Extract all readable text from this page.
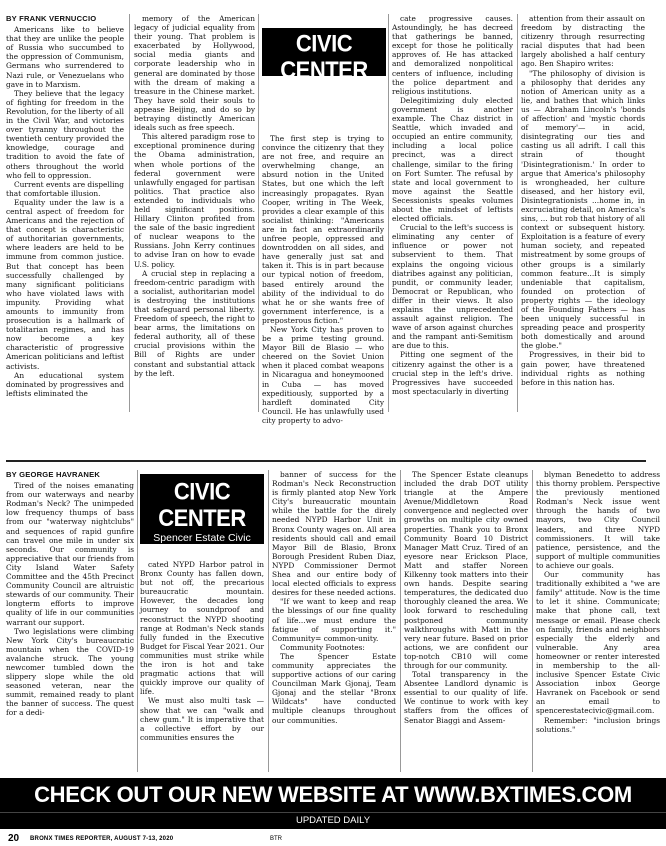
BY FRANK VERNUCCIO

Americans like to believe that they are unlike the people of Russia who succumbed to the oppression of Communism, Germans who surrendered to Nazi rule, or Venezuelans who gave in to Marxism.

They believe that the legacy of fighting for freedom in the Revolution, for the liberty of all in the Civil War, and victories over tyranny throughout the twentieth century provided the knowledge, courage and tradition to avoid the fate of others throughout the world who fell to oppression.

Current events are dispelling that comfortable illusion.

Equality under the law is a central aspect of freedom for Americans and the rejection of that concept is characteristic of authoritarian governments, where leaders are held to be immune from common justice. But that concept has been successfully challenged by many significant politicians who have violated laws with impunity. Providing what amounts to immunity from prosecution is a hallmark of totalitarian regimes, and has now become a key characteristic of progressive American politicians and leftist activists.

An educational system dominated by progressives and leftists eliminated the

memory of the American legacy of judicial equality from their young. That problem is exacerbated by Hollywood, social media giants and corporate leadership who in general are dominated by those with the dream of making a treasure in the Chinese market. They have sold their souls to appease Beijing, and do so by betraying distinctly American ideals such as free speech.

This altered paradigm rose to exceptional prominence during the Obama administration, when whole portions of the federal government were unlawfully engaged for partisan politics. That practice also extended to individuals who held significant positions. Hillary Clinton profited from the sale of the basic ingredient of nuclear weapons to the Russians. John Kerry continues to advise Iran on how to evade U.S. policy.

A crucial step in replacing a freedom-centric paradigm with a socialist, authoritarian model is destroying the institutions that safeguard personal liberty. Freedom of speech, the right to bear arms, the limitations on federal authority, all of these crucial provisions within the Bill of Rights are under constant and substantial attack by the left.

CIVIC CENTER
COMACTA

The first step is trying to convince the citizenry that they are not free, and require an overwhelming change, an absurd notion in the United States, but one which the left increasingly propagates. Ryan Cooper, writing in The Week, provides a clear example of this socialist thinking: "Americans are in fact an extraordinarily unfree people, oppressed and downtrodden on all sides, and have generally just sat and taken it. This is in part because our typical notion of freedom, based entirely around the ability of the individual to do what he or she wants free of government interference, is a preposterous fiction."

New York City has proven to be a prime testing ground. Mayor Bill de Blasio — who cheered on the Soviet Union when it placed combat weapons in Nicaragua and honeymooned in Cuba — has moved expeditiously, supported by a hardleft dominated City Council. He has unlawfully used city property to advo-

cate progressive causes. Astoundingly, he has decreed that gatherings be banned, except for those he politically approves of. He has attacked and demoralized nonpolitical centers of influence, including the police department and religious institutions.

Delegitimizing duly elected government is another example. The Chaz district in Seattle, which invaded and occupied an entire community, including a local police precinct, was a direct challenge, similar to the firing on Fort Sumter. The refusal by state and local government to move against the Seattle Secessionists speaks volumes about the mindset of leftists elected officials.

Crucial to the left's success is eliminating any center of influence or power not subservient to them. That explains the ongoing vicious diatribes against any politician, pundit, or community leader, Democrat or Republican, who differ in their views. It also explains the unprecedented assault against religion. The wave of arson against churches and the rampant anti-Semitism are due to this.

Pitting one segment of the citizenry against the other is a crucial step in the left's drive. Progressives have succeeded most spectacularly in diverting

attention from their assault on freedom by distracting the citizenry through resurrecting racial disputes that had been largely abolished a half century ago. Ben Shapiro writes:

"The philosophy of division is a philosophy that derides any notion of American unity as a lie, and bathes that which links us — Abraham Lincoln's 'bonds of affection' and 'mystic chords of memory'— in acid, disintegrating our ties and casting us all adrift. I call this strain of thought 'Disintegrationism.' In order to argue that America's philosophy is wrongheaded, her culture diseased, and her history evil, Disintegrationists ...home in, in excruciating detail, on America's sins, ... but rob that history of all context or subsequent history. Exploitation is a feature of every human society, and repeated mistreatment by some groups of other groups is a similarly common feature...It is simply undeniable that capitalism, founded on protection of property rights — the ideology of the Founding Fathers — has been uniquely successful in spreading peace and prosperity both domestically and around the globe."

Progressives, in their bid to gain power, have threatened individual rights as nothing before in this nation has.

BY GEORGE HAVRANEK

Tired of the noises emanating from our waterways and nearby Rodman's Neck? The unimpeded low frequency thumps of bass from our "waterway nightclubs" and sequences of rapid gunfire can travel one mile in under six seconds. Our community is appreciative that our friends from City Island Water Safety Committee and the 45th Precinct Community Council are altruistic stewards of our community. Their longterm efforts to improve quality of life in our communities warrant our support.

Two legislations were climbing New York City's bureaucratic mountain when the COVID-19 avalanche struck. The young newcomer tumbled down the slippery slope while the old seasoned veteran, near the summit, remained ready to plant the banner of success. The quest for a dedi-

CIVIC CENTER
Spencer Estate Civic
Association

cated NYPD Harbor patrol in Bronx County has fallen down, but not off, the precarious bureaucratic mountain. However, the decades long journey to soundproof and reconstruct the NYPD shooting range at Rodman's Neck stands fully funded in the Executive Budget for Fiscal Year 2021. Our communities must strike while the iron is hot and take pragmatic actions that will quickly improve our quality of life.

We must also multi task — show that we can "walk and chew gum." It is imperative that a collective effort by our communities ensures the

banner of success for the Rodman's Neck Reconstruction is firmly planted atop New York City's bureaucratic mountain while the battle for the direly needed NYPD Harbor Unit in Bronx County wages on. All area residents should call and email Mayor Bill de Blasio, Bronx Borough President Ruben Diaz, NYPD Commissioner Dermot Shea and our entire body of local elected officials to express desires for these needed actions.

"If we want to keep and reap the blessings of our fine quality of life...we must endure the fatigue of supporting it." Community= common-unity.

Community Footnotes:

The Spencer Estate community appreciates the supportive actions of our caring Councilman Mark Gjonaj, Team Gjonaj and the stellar "Bronx Wildcats" have conducted multiple cleanups throughout our communities.

The Spencer Estate cleanups included the drab DOT utility triangle at the Ampere Avenue/Middletown Road convergence and neglected over growths on multiple city owned properties. Thank you to Bronx Community Board 10 District Manager Matt Cruz. Tired of an eyesore near Erickson Place, Matt and staffer Noreen Kilkenny took matters into their own hands. Despite searing temperatures, the dedicated duo thoroughly cleaned the area. We look forward to rescheduling postponed community walkthroughs with Matt in the very near future. Based on prior actions, we are confident our top-notch CB10 will come through for our community.

Total transparency in the Absentee Landlord dynamic is essential to our quality of life. We continue to work with key staffers from the offices of Senator Biaggi and Assem-

blyman Benedetto to address this thorny problem. Perspective the previously mentioned Rodman's Neck issue went through the hands of two mayors, two City Council leaders, and three NYPD commissioners. It will take patience, persistence, and the support of multiple communities to achieve our goals.

Our community has traditionally exhibited a "we are family" attitude. Now is the time to let it shine. Communicate; make that phone call, text message or email. Please check on family, friends and neighbors especially the elderly and vulnerable. Any area homeowner or renter interested in membership to the all-inclusive Spencer Estate Civic Association inbox George Havranek on Facebook or send an email to spencerestatecivic@gmail.com.

Remember: "inclusion brings solutions."

CHECK OUT OUR NEW WEBSITE AT WWW.BXTIMES.COM
UPDATED DAILY
20 BRONX TIMES REPORTER, AUGUST 7-13, 2020	BTR
